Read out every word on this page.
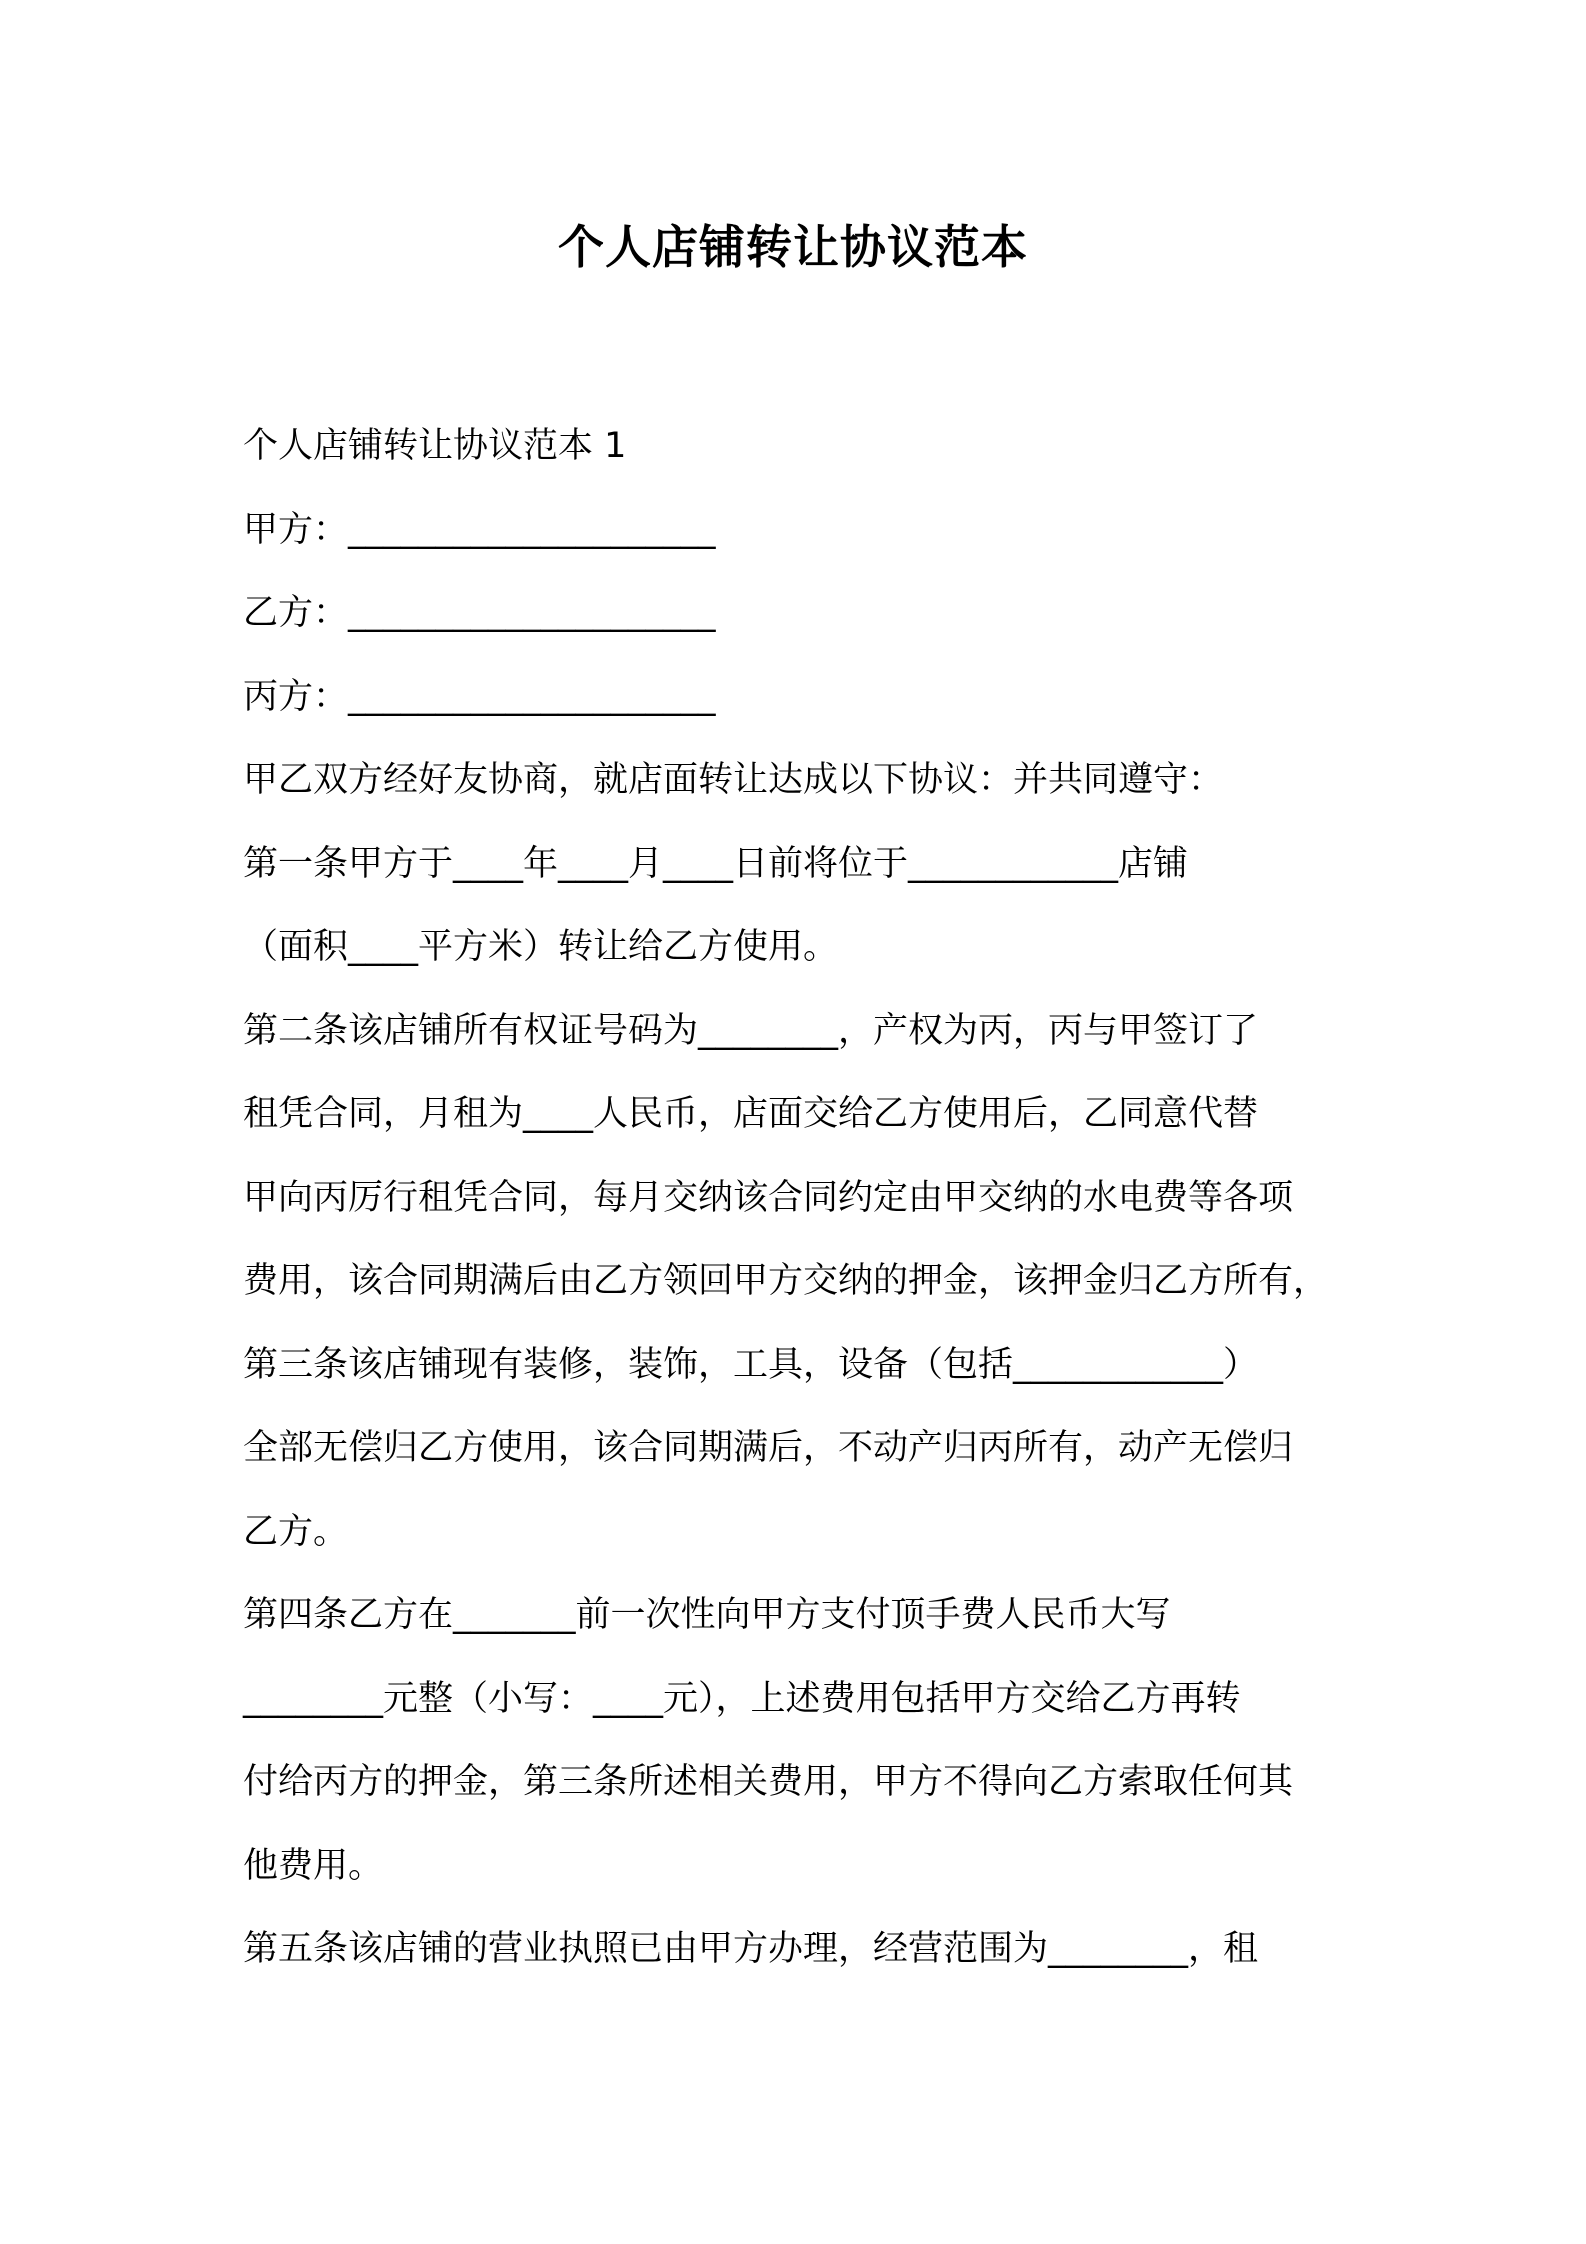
个人店铺转让协议范本
个人店铺转让协议范本 1
甲方：_____________________
乙方：_____________________
丙方：_____________________
甲乙双方经好友协商，就店面转让达成以下协议：并共同遵守：
第一条甲方于____年____月____日前将位于____________店铺
（面积____平方米）转让给乙方使用。
第二条该店铺所有权证号码为________，产权为丙，丙与甲签订了
租凭合同，月租为____人民币，店面交给乙方使用后，乙同意代替
甲向丙厉行租凭合同，每月交纳该合同约定由甲交纳的水电费等各项
费用，该合同期满后由乙方领回甲方交纳的押金，该押金归乙方所有，
第三条该店铺现有装修，装饰，工具，设备（包括____________）
全部无偿归乙方使用，该合同期满后，不动产归丙所有，动产无偿归
乙方。
第四条乙方在_______前一次性向甲方支付顶手费人民币大写
________元整（小写：____元），上述费用包括甲方交给乙方再转
付给丙方的押金，第三条所述相关费用，甲方不得向乙方索取任何其
他费用。
第五条该店铺的营业执照已由甲方办理，经营范围为________，租
